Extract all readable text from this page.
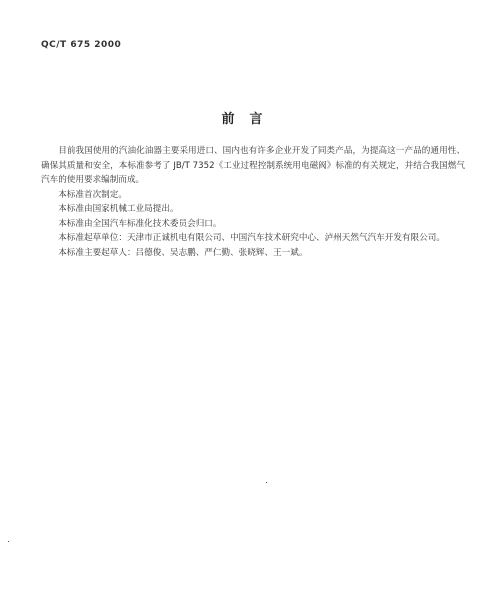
QC/T 675 2000
前言

目前我国使用的汽油化油器主要采用进口、国内也有许多企业开发了同类产品，为提高这一产品的通用性、确保其质量和安全，本标准参考了 JB/T 7352《工业过程控制系统用电磁阀》标准的有关规定，并结合我国燃气汽车的使用要求编制而成。

本标准首次制定。

本标准由国家机械工业局提出。

本标准由全国汽车标准化技术委员会归口。

本标准起草单位：天津市正诚机电有限公司、中国汽车技术研究中心、泸州天然气汽车开发有限公司。

本标准主要起草人：吕德俊、吴志鹏、严仁勤、张晓辉、王一斌。
